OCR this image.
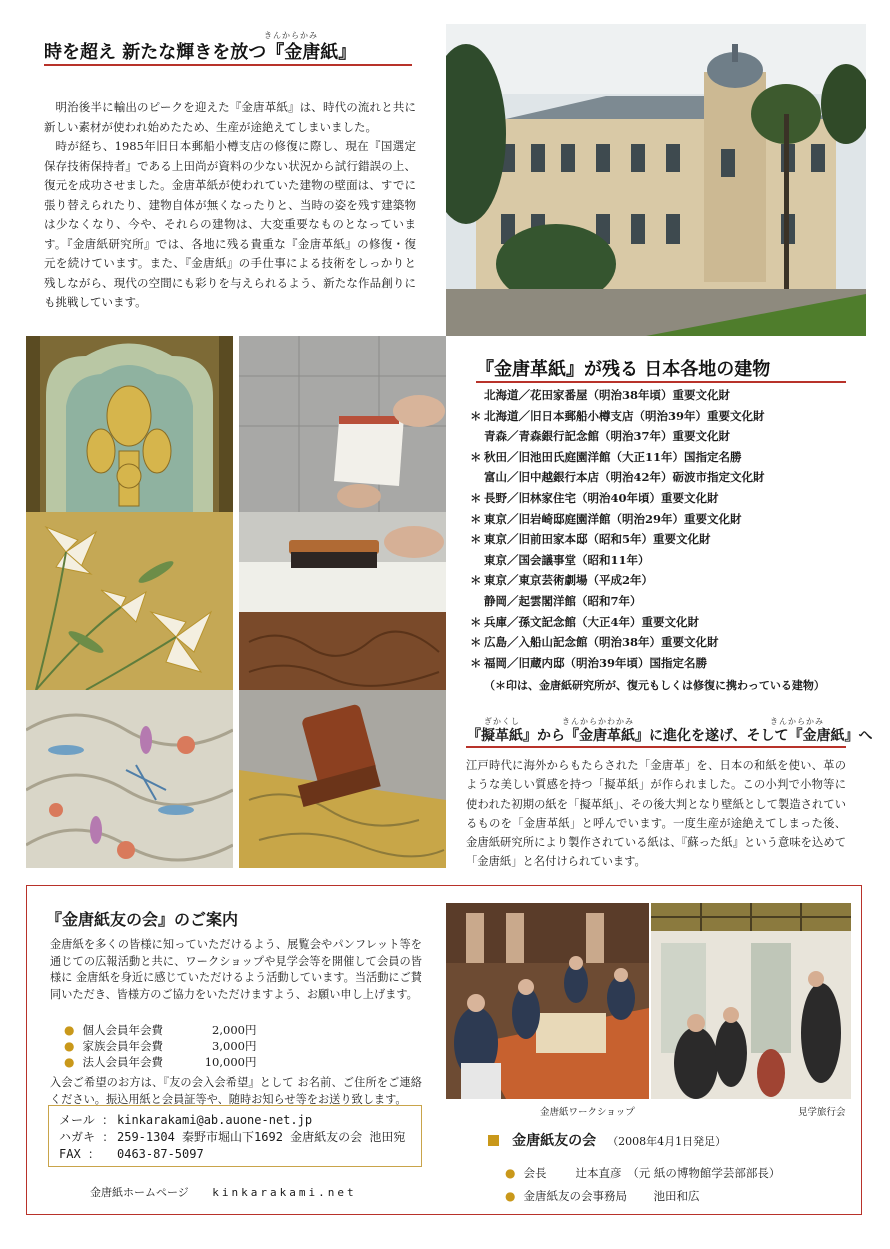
きんからかみ
時を超え 新たな輝きを放つ『金唐紙』

明治後半に輸出のピークを迎えた『金唐革紙』は、時代の流れと共に新しい素材が使われ始めたため、生産が途絶えてしまいました。

時が経ち、1985年旧日本郵船小樽支店の修復に際し、現在『国選定保存技術保持者』である上田尚が資料の少ない状況から試行錯誤の上、復元を成功させました。金唐革紙が使われていた建物の壁面は、すでに張り替えられたり、建物自体が無くなったりと、当時の姿を残す建築物は少なくなり、今や、それらの建物は、大変重要なものとなっています。『金唐紙研究所』では、各地に残る貴重な『金唐革紙』の修復・復元を続けています。また、『金唐紙』の手仕事による技術をしっかりと残しながら、現代の空間にも彩りを与えられるよう、新たな作品創りにも挑戦しています。

『金唐革紙』が残る 日本各地の建物
北海道／花田家番屋（明治38年頃）重要文化財
＊ 北海道／旧日本郵船小樽支店（明治39年）重要文化財
青森／青森銀行記念館（明治37年）重要文化財
＊ 秋田／旧池田氏庭園洋館（大正11年）国指定名勝
富山／旧中越銀行本店（明治42年）砺波市指定文化財
＊ 長野／旧林家住宅（明治40年頃）重要文化財
＊ 東京／旧岩崎邸庭園洋館（明治29年）重要文化財
＊ 東京／旧前田家本邸（昭和5年）重要文化財
東京／国会議事堂（昭和11年）
＊ 東京／東京芸術劇場（平成2年）
静岡／起雲閣洋館（昭和7年）
＊ 兵庫／孫文記念館（大正4年）重要文化財
＊ 広島／入船山記念館（明治38年）重要文化財
＊ 福岡／旧蔵内邸（明治39年頃）国指定名勝
（＊印は、金唐紙研究所が、復元もしくは修復に携わっている建物）
ぎかくし	きんからかわかみ	きんからかみ
『擬革紙』から『金唐革紙』に進化を遂げ、そして『金唐紙』へ
江戸時代に海外からもたらされた「金唐革」を、日本の和紙を使い、革のような美しい質感を持つ「擬革紙」が作られました。この小判で小物等に使われた初期の紙を「擬革紙」、その後大判となり壁紙として製造されているものを「金唐革紙」と呼んでいます。一度生産が途絶えてしまった後、金唐紙研究所により製作されている紙は、『蘇った紙』という意味を込めて「金唐紙」と名付けられています。
『金唐紙友の会』のご案内
金唐紙を多くの皆様に知っていただけるよう、展覧会やパンフレット等を通じての広報活動と共に、ワークショップや見学会等を開催して会員の皆様に 金唐紙を身近に感じていただけるよう活動しています。当活動にご賛同いただき、皆様方のご協力をいただけますよう、お願い申し上げます。
● 個人会員年会費	2,000円
● 家族会員年会費	3,000円
● 法人会員年会費	10,000円
入会ご希望のお方は、『友の会入会希望』として お名前、ご住所をご連絡ください。振込用紙と会員証等や、随時お知らせ等をお送り致します。
メール ： kinkarakami@ab.auone-net.jp
ハガキ ： 259-1304 秦野市堀山下1692 金唐紙友の会 池田宛
FAX ： 0463-87-5097
金唐紙ホームページ kinkarakami.net
金唐紙ワークショップ	見学旅行会
金唐紙友の会 （2008年4月1日発足）
● 会長	辻本直彦　（元 紙の博物館学芸部部長）
● 金唐紙友の会事務局 池田和広
